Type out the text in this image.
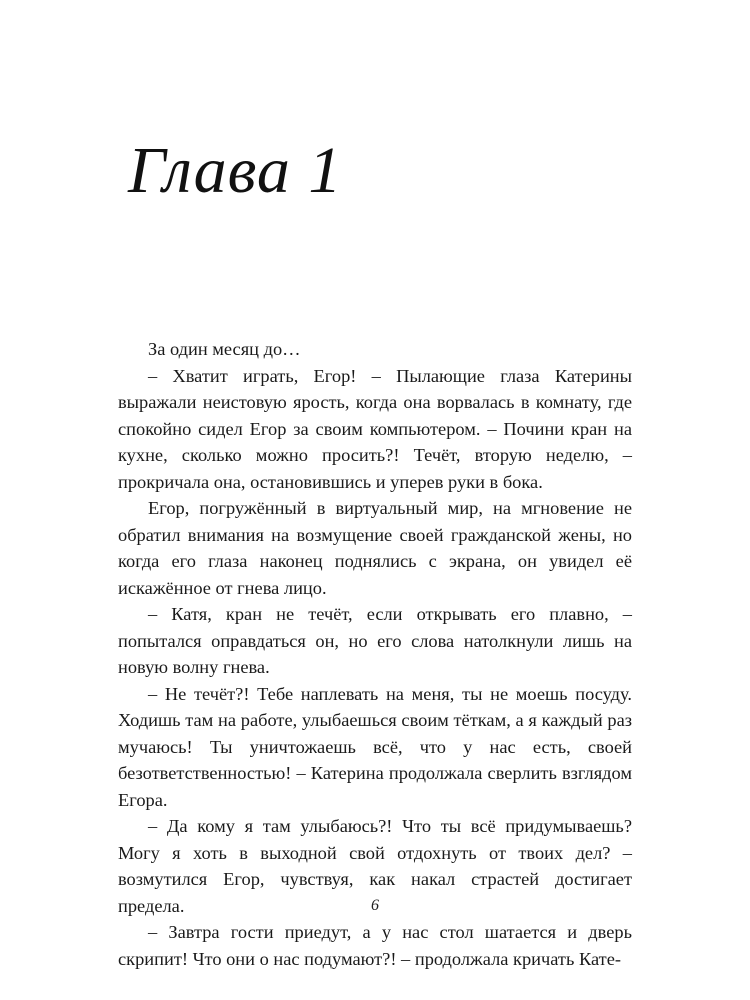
Глава 1

За один месяц до…

– Хватит играть, Егор! – Пылающие глаза Катерины выражали неистовую ярость, когда она ворвалась в комнату, где спокойно сидел Егор за своим компьютером. – Почини кран на кухне, сколько можно просить?! Течёт, вторую неделю, – прокричала она, остановившись и уперев руки в бока.

Егор, погружённый в виртуальный мир, на мгновение не обратил внимания на возмущение своей гражданской жены, но когда его глаза наконец поднялись с экрана, он увидел её искажённое от гнева лицо.

– Катя, кран не течёт, если открывать его плавно, – попытался оправдаться он, но его слова натолкнули лишь на новую волну гнева.

– Не течёт?! Тебе наплевать на меня, ты не моешь посуду. Ходишь там на работе, улыбаешься своим тёткам, а я каждый раз мучаюсь! Ты уничтожаешь всё, что у нас есть, своей безответственностью! – Катерина продолжала сверлить взглядом Егора.

– Да кому я там улыбаюсь?! Что ты всё придумываешь? Могу я хоть в выходной свой отдохнуть от твоих дел? – возмутился Егор, чувствуя, как накал страстей достигает предела.

– Завтра гости приедут, а у нас стол шатается и дверь скрипит! Что они о нас подумают?! – продолжала кричать Кате-

6
